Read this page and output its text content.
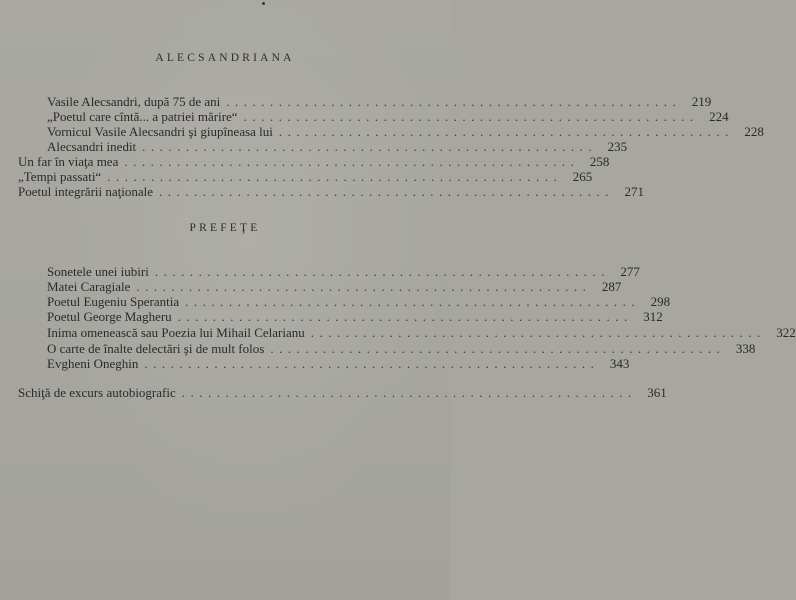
ALECSANDRIANA
Vasile Alecsandri, după 75 de ani .................................................... 219
„Poetul care cîntă... a patriei mărire“ .................................................... 224
Vornicul Vasile Alecsandri şi giupîneasa lui .................................................... 228
Alecsandri inedit .................................................... 235
Un far în viaţa mea .................................................... 258
„Tempi passati“ .................................................... 265
Poetul integrării naţionale .................................................... 271
PREFEŢE
Sonetele unei iubiri .................................................... 277
Matei Caragiale .................................................... 287
Poetul Eugeniu Sperantia .................................................... 298
Poetul George Magheru .................................................... 312
Inima omenească sau Poezia lui Mihail Celarianu .................................................... 322
O carte de înalte delectări şi de mult folos .................................................... 338
Evgheni Oneghin .................................................... 343
Schiţă de excurs autobiografic .................................................... 361
